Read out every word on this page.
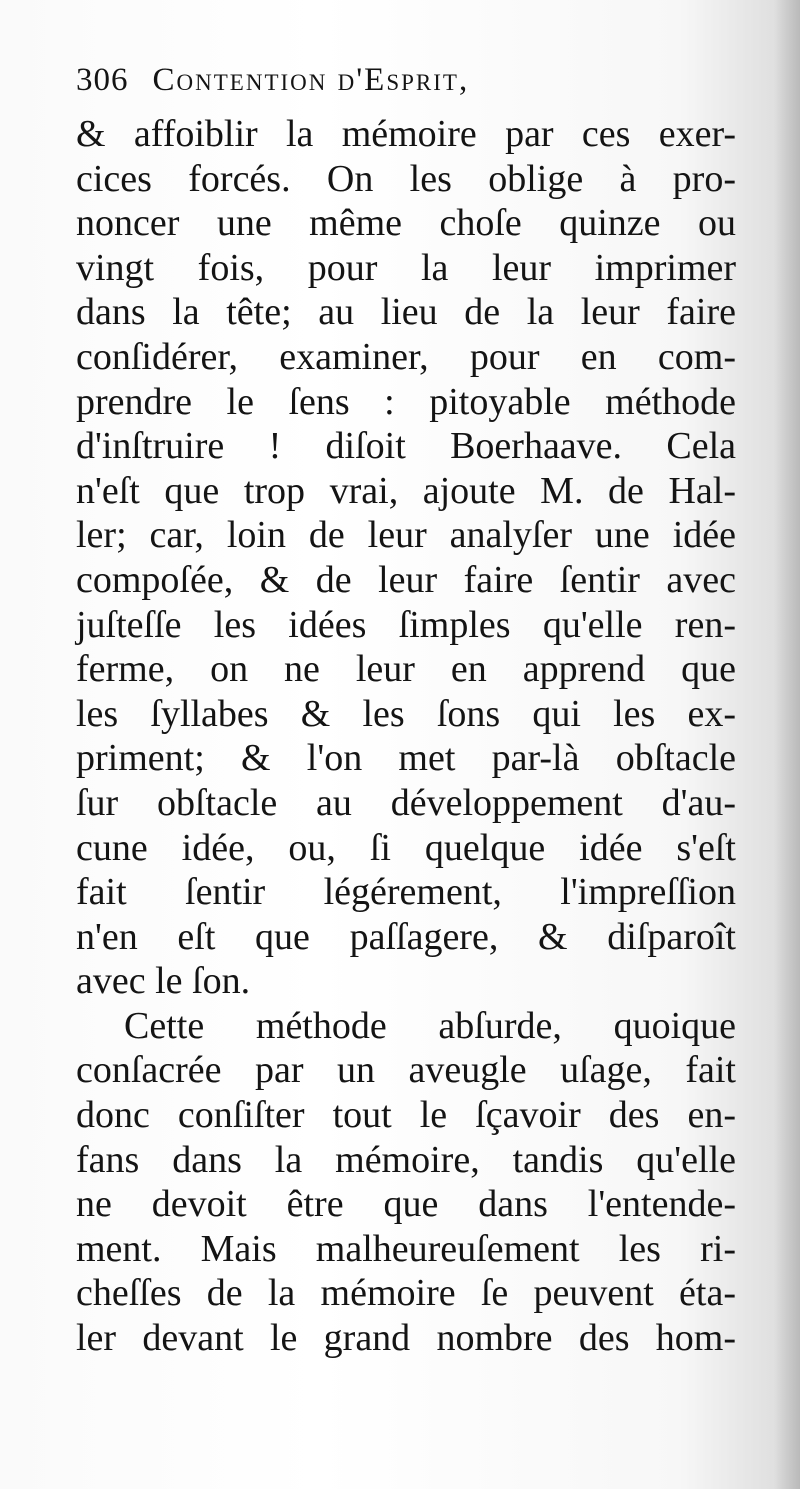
306 Contention d'Esprit,
& affoiblir la mémoire par ces exer-
cices forcés. On les oblige à pro-
noncer une même choſe quinze ou
vingt fois, pour la leur imprimer
dans la tête; au lieu de la leur faire
conſidérer, examiner, pour en com-
prendre le ſens : pitoyable méthode
d'inſtruire ! diſoit Boerhaave. Cela
n'eſt que trop vrai, ajoute M. de Hal-
ler; car, loin de leur analyſer une idée
compoſée, & de leur faire ſentir avec
juſteſſe les idées ſimples qu'elle ren-
ferme, on ne leur en apprend que
les ſyllabes & les ſons qui les ex-
priment; & l'on met par-là obſtacle
ſur obſtacle au développement d'au-
cune idée, ou, ſi quelque idée s'eſt
fait ſentir légérement, l'impreſſion
n'en eſt que paſſagere, & diſparoît
avec le ſon.
Cette méthode abſurde, quoique
conſacrée par un aveugle uſage, fait
donc conſiſter tout le ſçavoir des en-
fans dans la mémoire, tandis qu'elle
ne devoit être que dans l'entende-
ment. Mais malheureuſement les ri-
cheſſes de la mémoire ſe peuvent éta-
ler devant le grand nombre des hom-
